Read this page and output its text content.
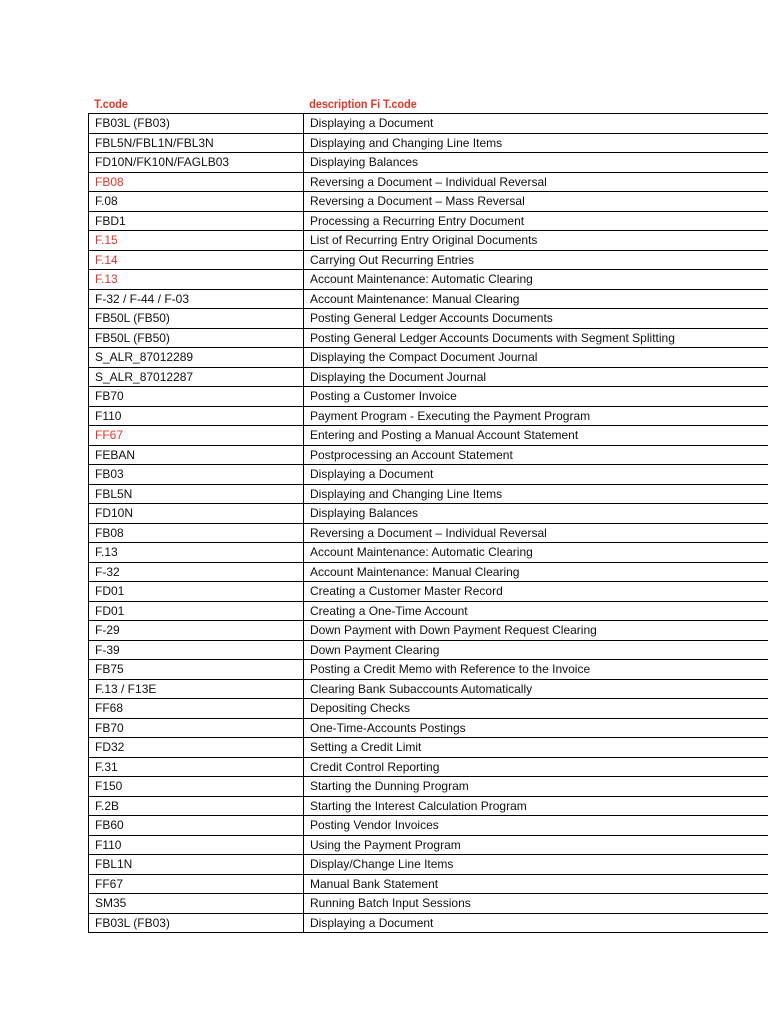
T.code	description Fi T.code
FB03L (FB03)	Displaying a Document
FBL5N/FBL1N/FBL3N	Displaying and Changing Line Items
FD10N/FK10N/FAGLB03	Displaying Balances
FB08	Reversing a Document – Individual Reversal
F.08	Reversing a Document – Mass Reversal
FBD1	Processing a Recurring Entry Document
F.15	List of Recurring Entry Original Documents
F.14	Carrying Out Recurring Entries
F.13	Account Maintenance: Automatic Clearing
F-32 / F-44 / F-03	Account Maintenance: Manual Clearing
FB50L (FB50)	Posting General Ledger Accounts Documents
FB50L (FB50)	Posting General Ledger Accounts Documents with Segment Splitting
S_ALR_87012289	Displaying the Compact Document Journal
S_ALR_87012287	Displaying the Document Journal
FB70	Posting a Customer Invoice
F110	Payment Program - Executing the Payment Program
FF67	Entering and Posting a Manual Account Statement
FEBAN	Postprocessing an Account Statement
FB03	Displaying a Document
FBL5N	Displaying and Changing Line Items
FD10N	Displaying Balances
FB08	Reversing a Document – Individual Reversal
F.13	Account Maintenance: Automatic Clearing
F-32	Account Maintenance: Manual Clearing
FD01	Creating a Customer Master Record
FD01	Creating a One-Time Account
F-29	Down Payment with Down Payment Request Clearing
F-39	Down Payment Clearing
FB75	Posting a Credit Memo with Reference to the Invoice
F.13 / F13E	Clearing Bank Subaccounts Automatically
FF68	Depositing Checks
FB70	One-Time-Accounts Postings
FD32	Setting a Credit Limit
F.31	Credit Control Reporting
F150	Starting the Dunning Program
F.2B	Starting the Interest Calculation Program
FB60	Posting Vendor Invoices
F110	Using the Payment Program
FBL1N	Display/Change Line Items
FF67	Manual Bank Statement
SM35	Running Batch Input Sessions
FB03L (FB03)	Displaying a Document
